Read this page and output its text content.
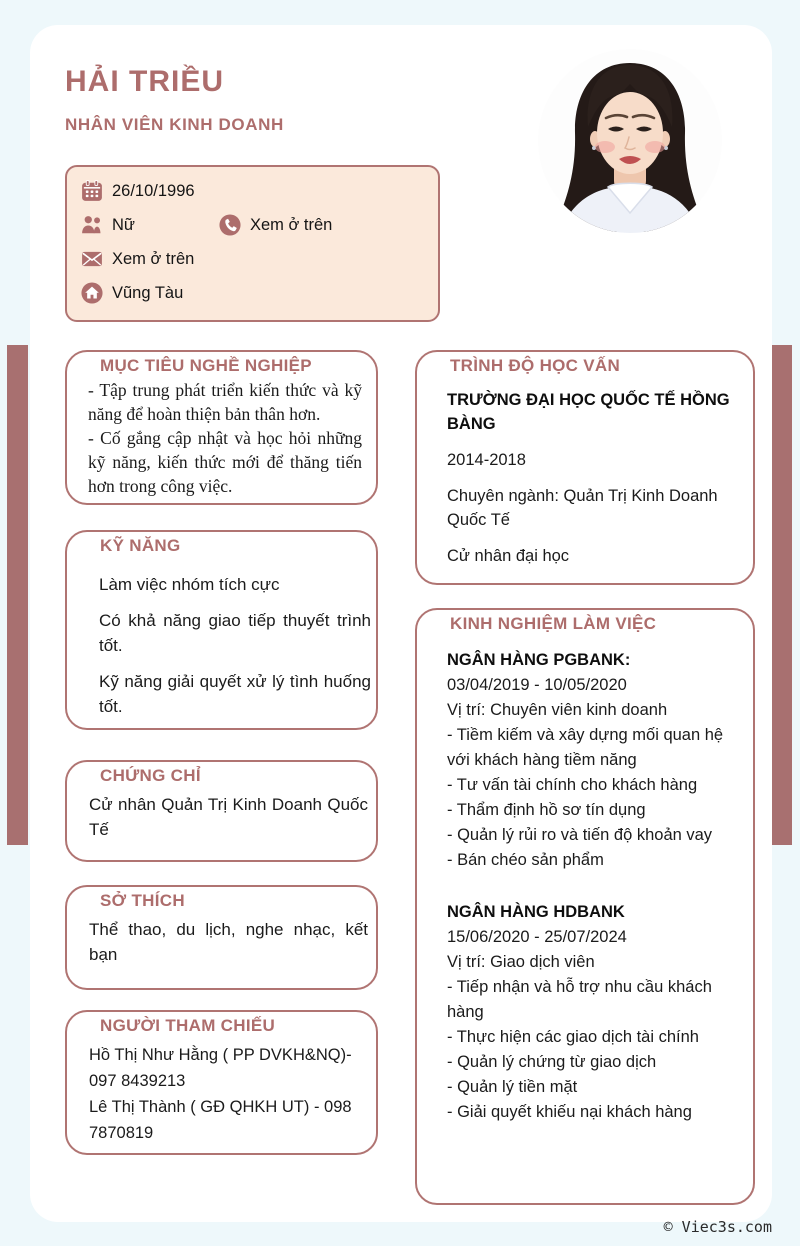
HẢI TRIỀU
NHÂN VIÊN KINH DOANH
26/10/1996
Nữ	Xem ở trên
Xem ở trên
Vũng Tàu
MỤC TIÊU NGHỀ NGHIỆP

- Tập trung phát triển kiến thức và kỹ năng để hoàn thiện bản thân hơn.

- Cố gắng cập nhật và học hỏi những kỹ năng, kiến thức mới để thăng tiến hơn trong công việc.

KỸ NĂNG

Làm việc nhóm tích cực

Có khả năng giao tiếp thuyết trình tốt.

Kỹ năng giải quyết xử lý tình huống tốt.

CHỨNG CHỈ

Cử nhân Quản Trị Kinh Doanh Quốc Tế

SỞ THÍCH

Thể thao, du lịch, nghe nhạc, kết bạn

NGƯỜI THAM CHIẾU

Hồ Thị Như Hằng ( PP DVKH&NQ)- 097 8439213

Lê Thị Thành ( GĐ QHKH UT) - 098 7870819

TRÌNH ĐỘ HỌC VẤN

TRƯỜNG ĐẠI HỌC QUỐC TẾ HỒNG BÀNG

2014-2018

Chuyên ngành: Quản Trị Kinh Doanh Quốc Tế

Cử nhân đại học

KINH NGHIỆM LÀM VIỆC

NGÂN HÀNG PGBANK:

03/04/2019 - 10/05/2020

Vị trí: Chuyên viên kinh doanh

- Tiềm kiếm và xây dựng mối quan hệ với khách hàng tiềm năng

- Tư vấn tài chính cho khách hàng

- Thẩm định hồ sơ tín dụng

- Quản lý rủi ro và tiến độ khoản vay

- Bán chéo sản phẩm

NGÂN HÀNG HDBANK

15/06/2020 - 25/07/2024

Vị trí: Giao dịch viên

- Tiếp nhận và hỗ trợ nhu cầu khách hàng

- Thực hiện các giao dịch tài chính

- Quản lý chứng từ giao dịch

- Quản lý tiền mặt

- Giải quyết khiếu nại khách hàng

© Viec3s.com
